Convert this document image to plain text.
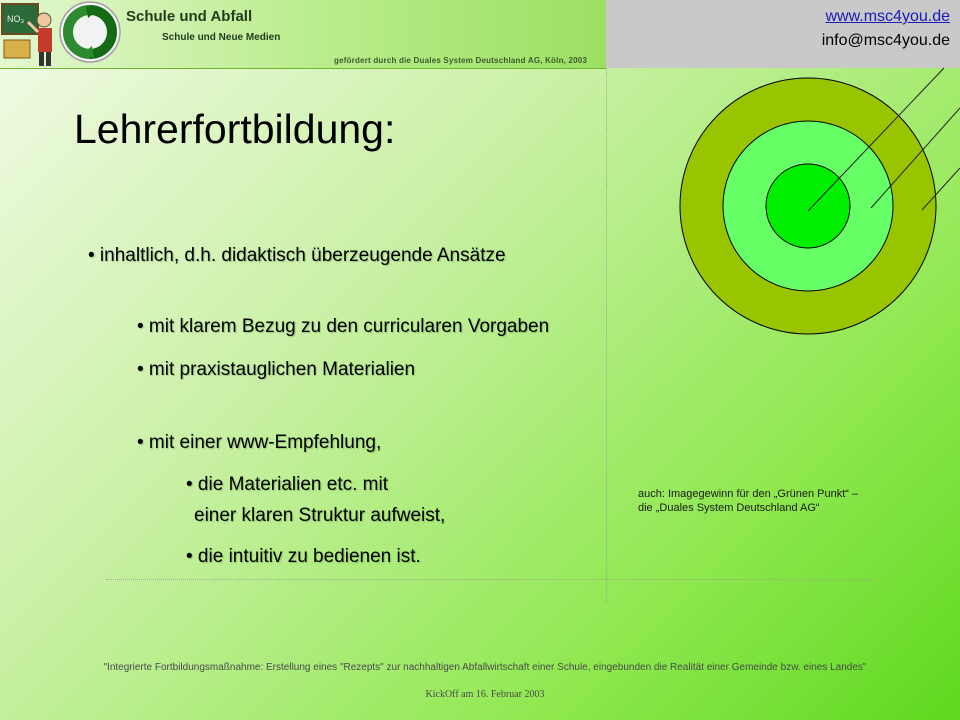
NO₃	Schule und Abfall
Schule und Neue Medien
gefördert durch die Duales System Deutschland AG, Köln, 2003
www.msc4you.de
info@msc4you.de
Lehrerfortbildung:
• inhaltlich, d.h. didaktisch überzeugende Ansätze
• mit klarem Bezug zu den curricularen Vorgaben
• mit praxistauglichen Materialien
• mit einer www-Empfehlung,
• die Materialien etc. mit
einer klaren Struktur aufweist,
• die intuitiv zu bedienen ist.
auch: Imagegewinn für den „Grünen Punkt“ – die „Duales System Deutschland AG“
"Integrierte Fortbildungsmaßnahme: Erstellung eines "Rezepts" zur nachhaltigen Abfallwirtschaft einer Schule, eingebunden die Realität einer Gemeinde bzw. eines Landes"
KickOff am 16. Februar 2003
